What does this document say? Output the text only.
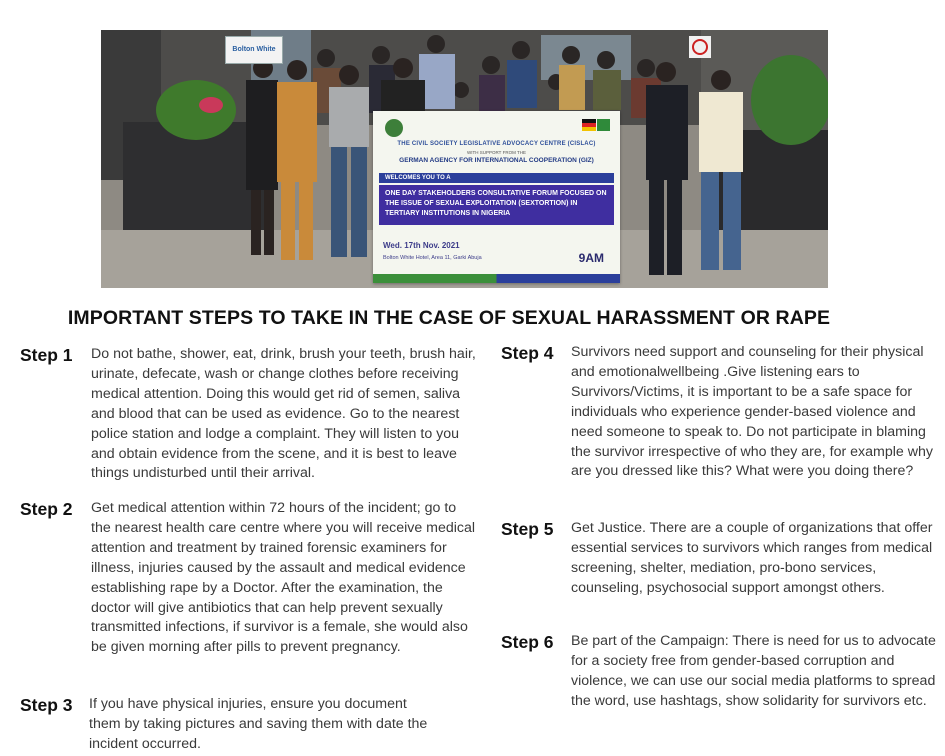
Bolton White
THE CIVIL SOCIETY LEGISLATIVE ADVOCACY CENTRE (CISLAC)
WITH SUPPORT FROM THE
GERMAN AGENCY FOR INTERNATIONAL COOPERATION (GIZ)
WELCOMES YOU TO A
ONE DAY STAKEHOLDERS CONSULTATIVE FORUM FOCUSED ON THE ISSUE OF SEXUAL EXPLOITATION (SEXTORTION) IN TERTIARY INSTITUTIONS IN NIGERIA
Wed. 17th Nov. 2021
Bolton White Hotel, Area 11, Garki Abuja	9AM
IMPORTANT STEPS TO TAKE IN THE CASE OF SEXUAL HARASSMENT OR RAPE
Step 1	Do not bathe, shower, eat, drink, brush your teeth, brush hair, urinate, defecate, wash or change clothes before receiving medical attention. Doing this would get rid of semen, saliva and blood that can be used as evidence. Go to the nearest police station and lodge a complaint. They will listen to you and obtain evidence from the scene, and it is best to leave things undisturbed until their arrival.

Step 2	Get medical attention within 72 hours of the incident; go to the nearest health care centre where you will receive medical attention and treatment by trained forensic examiners for illness, injuries caused by the assault and medical evidence establishing rape by a Doctor. After the examination, the doctor will give antibiotics that can help prevent sexually transmitted infections, if survivor is a female, she would also be given morning after pills to prevent pregnancy.

Step 3	If you have physical injuries, ensure you document them by taking pictures and saving them with date the incident occurred.

Step 4	Survivors need support and counseling for their physical and emotionalwellbeing .Give listening ears to Survivors/Victims, it is important to be a safe space for individuals who experience gender-based violence and need someone to speak to. Do not participate in blaming the survivor irrespective of who they are, for example why are you dressed like this? What were you doing there?

Step 5	Get Justice. There are a couple of organizations that offer essential services to survivors which ranges from medical screening, shelter, mediation, pro-bono services, counseling, psychosocial support amongst others.

Step 6	Be part of the Campaign: There is need for us to advocate for a society free from gender-based corruption and violence, we can use our social media platforms to spread the word, use hashtags, show solidarity for survivors etc.
